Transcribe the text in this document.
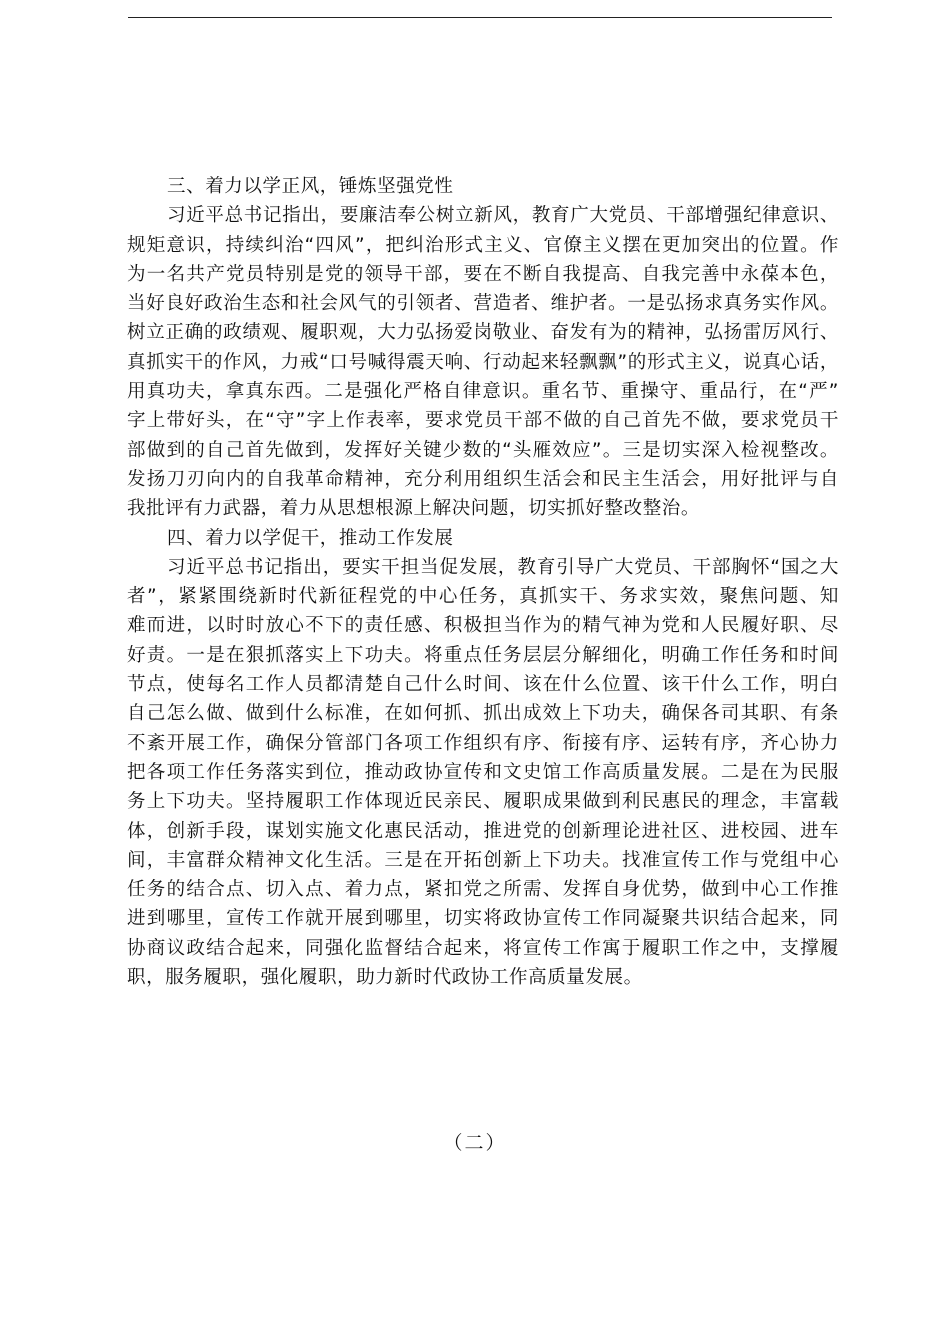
三、着力以学正风，锤炼坚强党性
习近平总书记指出，要廉洁奉公树立新风，教育广大党员、干部增强纪律意识、
规矩意识，持续纠治“四风”，把纠治形式主义、官僚主义摆在更加突出的位置。作
为一名共产党员特别是党的领导干部，要在不断自我提高、自我完善中永葆本色，
当好良好政治生态和社会风气的引领者、营造者、维护者。一是弘扬求真务实作风。
树立正确的政绩观、履职观，大力弘扬爱岗敬业、奋发有为的精神，弘扬雷厉风行、
真抓实干的作风，力戒“口号喊得震天响、行动起来轻飘飘”的形式主义，说真心话，
用真功夫，拿真东西。二是强化严格自律意识。重名节、重操守、重品行，在“严”
字上带好头，在“守”字上作表率，要求党员干部不做的自己首先不做，要求党员干
部做到的自己首先做到，发挥好关键少数的“头雁效应”。三是切实深入检视整改。
发扬刀刃向内的自我革命精神，充分利用组织生活会和民主生活会，用好批评与自
我批评有力武器，着力从思想根源上解决问题，切实抓好整改整治。
四、着力以学促干，推动工作发展
习近平总书记指出，要实干担当促发展，教育引导广大党员、干部胸怀“国之大
者”，紧紧围绕新时代新征程党的中心任务，真抓实干、务求实效，聚焦问题、知
难而进，以时时放心不下的责任感、积极担当作为的精气神为党和人民履好职、尽
好责。一是在狠抓落实上下功夫。将重点任务层层分解细化，明确工作任务和时间
节点，使每名工作人员都清楚自己什么时间、该在什么位置、该干什么工作，明白
自己怎么做、做到什么标准，在如何抓、抓出成效上下功夫，确保各司其职、有条
不紊开展工作，确保分管部门各项工作组织有序、衔接有序、运转有序，齐心协力
把各项工作任务落实到位，推动政协宣传和文史馆工作高质量发展。二是在为民服
务上下功夫。坚持履职工作体现近民亲民、履职成果做到利民惠民的理念，丰富载
体，创新手段，谋划实施文化惠民活动，推进党的创新理论进社区、进校园、进车
间，丰富群众精神文化生活。三是在开拓创新上下功夫。找准宣传工作与党组中心
任务的结合点、切入点、着力点，紧扣党之所需、发挥自身优势，做到中心工作推
进到哪里，宣传工作就开展到哪里，切实将政协宣传工作同凝聚共识结合起来，同
协商议政结合起来，同强化监督结合起来，将宣传工作寓于履职工作之中，支撑履
职，服务履职，强化履职，助力新时代政协工作高质量发展。
（二）
